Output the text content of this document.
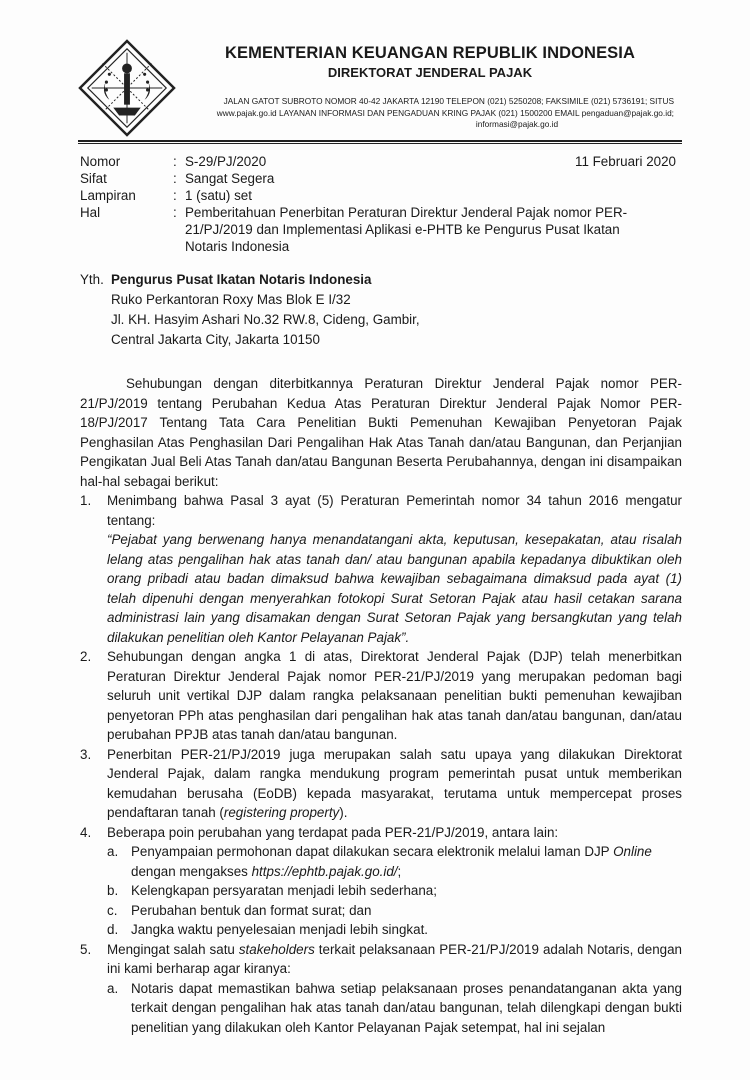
KEMENTERIAN KEUANGAN REPUBLIK INDONESIA
DIREKTORAT JENDERAL PAJAK
JALAN GATOT SUBROTO NOMOR 40-42 JAKARTA 12190 TELEPON (021) 5250208; FAKSIMILE (021) 5736191; SITUS
www.pajak.go.id LAYANAN INFORMASI DAN PENGADUAN KRING PAJAK (021) 1500200 EMAIL pengaduan@pajak.go.id;
informasi@pajak.go.id
11 Februari 2020
Nomor	: S-29/PJ/2020
Sifat	: Sangat Segera
Lampiran	: 1 (satu) set
Hal	: Pemberitahuan Penerbitan Peraturan Direktur Jenderal Pajak nomor PER-21/PJ/2019 dan Implementasi Aplikasi e-PHTB ke Pengurus Pusat Ikatan Notaris Indonesia
Yth. Pengurus Pusat Ikatan Notaris Indonesia
Ruko Perkantoran Roxy Mas Blok E I/32
Jl. KH. Hasyim Ashari No.32 RW.8, Cideng, Gambir,
Central Jakarta City, Jakarta 10150

Sehubungan dengan diterbitkannya Peraturan Direktur Jenderal Pajak nomor PER-21/PJ/2019 tentang Perubahan Kedua Atas Peraturan Direktur Jenderal Pajak Nomor PER-18/PJ/2017 Tentang Tata Cara Penelitian Bukti Pemenuhan Kewajiban Penyetoran Pajak Penghasilan Atas Penghasilan Dari Pengalihan Hak Atas Tanah dan/atau Bangunan, dan Perjanjian Pengikatan Jual Beli Atas Tanah dan/atau Bangunan Beserta Perubahannya, dengan ini disampaikan hal-hal sebagai berikut:

1.	Menimbang bahwa Pasal 3 ayat (5) Peraturan Pemerintah nomor 34 tahun 2016 mengatur tentang:
“Pejabat yang berwenang hanya menandatangani akta, keputusan, kesepakatan, atau risalah lelang atas pengalihan hak atas tanah dan/ atau bangunan apabila kepadanya dibuktikan oleh orang pribadi atau badan dimaksud bahwa kewajiban sebagaimana dimaksud pada ayat (1) telah dipenuhi dengan menyerahkan fotokopi Surat Setoran Pajak atau hasil cetakan sarana administrasi lain yang disamakan dengan Surat Setoran Pajak yang bersangkutan yang telah dilakukan penelitian oleh Kantor Pelayanan Pajak”.
2.	Sehubungan dengan angka 1 di atas, Direktorat Jenderal Pajak (DJP) telah menerbitkan Peraturan Direktur Jenderal Pajak nomor PER-21/PJ/2019 yang merupakan pedoman bagi seluruh unit vertikal DJP dalam rangka pelaksanaan penelitian bukti pemenuhan kewajiban penyetoran PPh atas penghasilan dari pengalihan hak atas tanah dan/atau bangunan, dan/atau perubahan PPJB atas tanah dan/atau bangunan.
3.	Penerbitan PER-21/PJ/2019 juga merupakan salah satu upaya yang dilakukan Direktorat Jenderal Pajak, dalam rangka mendukung program pemerintah pusat untuk memberikan kemudahan berusaha (EoDB) kepada masyarakat, terutama untuk mempercepat proses pendaftaran tanah (registering property).
4.	Beberapa poin perubahan yang terdapat pada PER-21/PJ/2019, antara lain:
a. Penyampaian permohonan dapat dilakukan secara elektronik melalui laman DJP Online dengan mengakses https://ephtb.pajak.go.id/;
b. Kelengkapan persyaratan menjadi lebih sederhana;
c.	Perubahan bentuk dan format surat; dan
d. Jangka waktu penyelesaian menjadi lebih singkat.
5.	Mengingat salah satu stakeholders terkait pelaksanaan PER-21/PJ/2019 adalah Notaris, dengan ini kami berharap agar kiranya:
a. Notaris dapat memastikan bahwa setiap pelaksanaan proses penandatanganan akta yang terkait dengan pengalihan hak atas tanah dan/atau bangunan, telah dilengkapi dengan bukti penelitian yang dilakukan oleh Kantor Pelayanan Pajak setempat, hal ini sejalan
